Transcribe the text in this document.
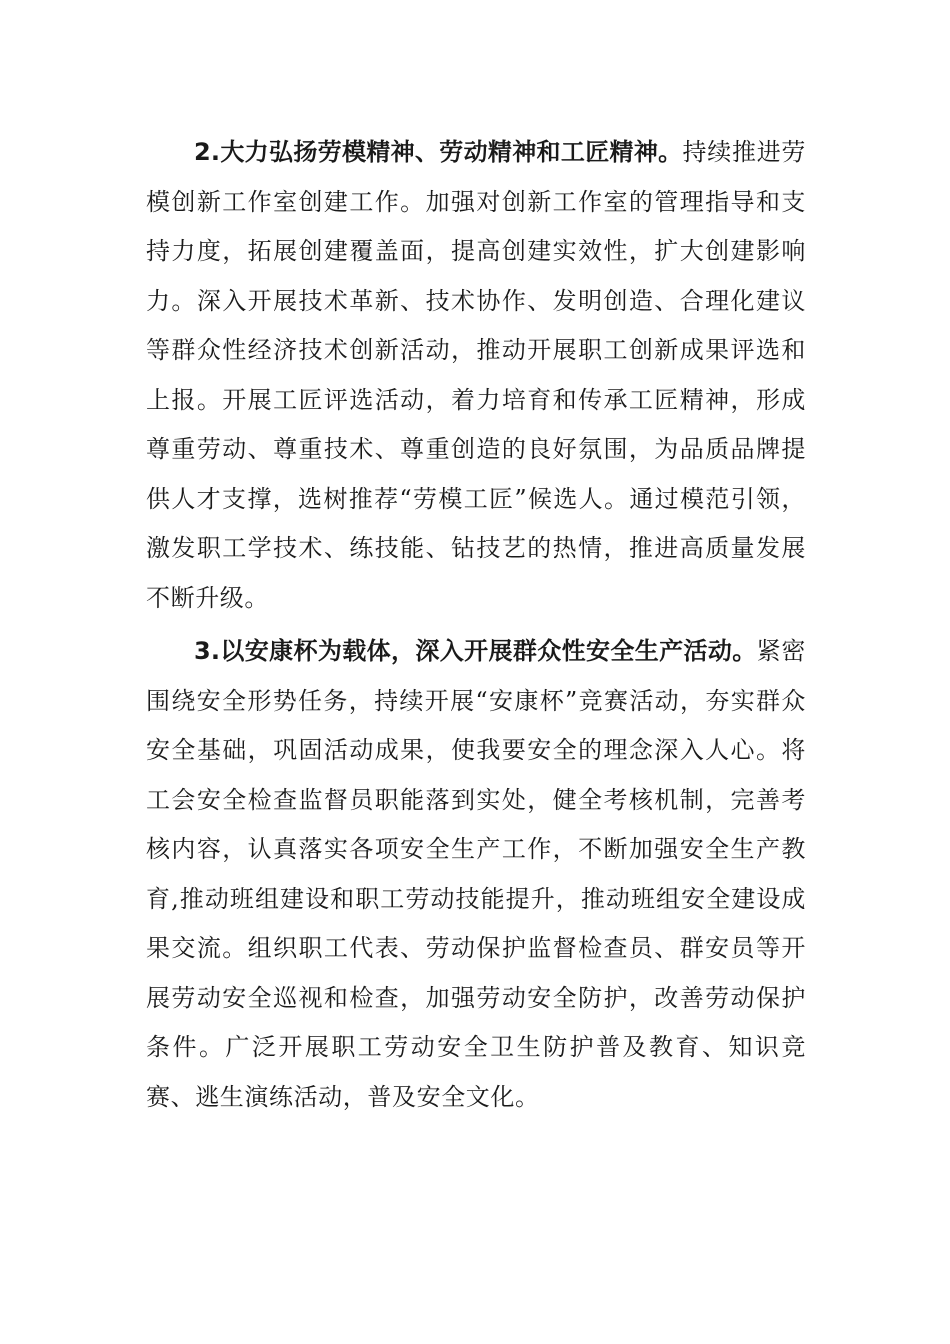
2.大力弘扬劳模精神、劳动精神和工匠精神。持续推进劳模创新工作室创建工作。加强对创新工作室的管理指导和支持力度，拓展创建覆盖面，提高创建实效性，扩大创建影响力。深入开展技术革新、技术协作、发明创造、合理化建议等群众性经济技术创新活动，推动开展职工创新成果评选和上报。开展工匠评选活动，着力培育和传承工匠精神，形成尊重劳动、尊重技术、尊重创造的良好氛围，为品质品牌提供人才支撑，选树推荐“劳模工匠”候选人。通过模范引领，激发职工学技术、练技能、钻技艺的热情，推进高质量发展不断升级。

3.以安康杯为载体，深入开展群众性安全生产活动。紧密围绕安全形势任务，持续开展“安康杯”竞赛活动，夯实群众安全基础，巩固活动成果，使我要安全的理念深入人心。将工会安全检查监督员职能落到实处，健全考核机制，完善考核内容，认真落实各项安全生产工作，不断加强安全生产教育,推动班组建设和职工劳动技能提升，推动班组安全建设成果交流。组织职工代表、劳动保护监督检查员、群安员等开展劳动安全巡视和检查，加强劳动安全防护，改善劳动保护条件。广泛开展职工劳动安全卫生防护普及教育、知识竞赛、逃生演练活动，普及安全文化。
